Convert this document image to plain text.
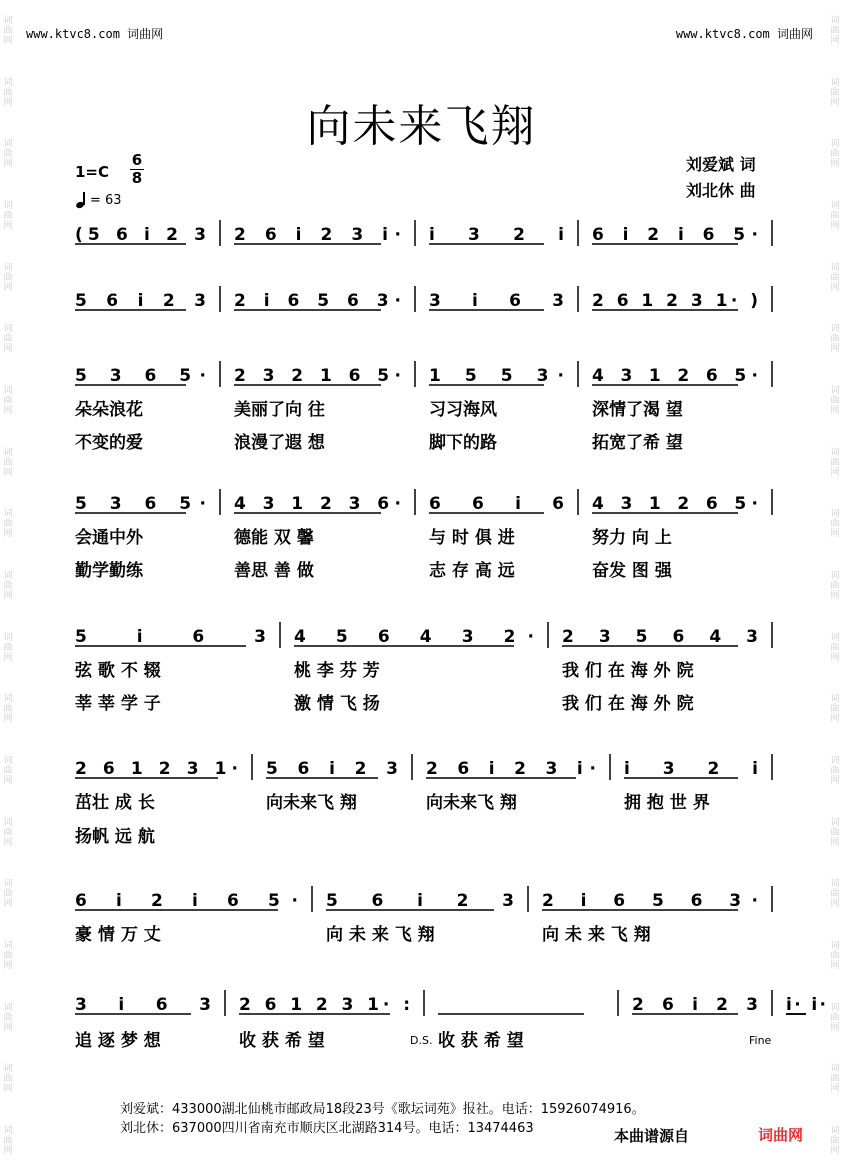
词
曲
网
词
曲
网
词
曲
网
词
曲
网
词
曲
网
词
曲
网
词
曲
网
词
曲
网
词
曲
网
词
曲
网
词
曲
网
词
曲
网
词
曲
网
词
曲
网
词
曲
网
词
曲
网
词
曲
网
词
曲
网
词
曲
网
词
曲
网
词
曲
网
词
曲
网
词
曲
网
词
曲
网
词
曲
网
词
曲
网
词
曲
网
词
曲
网
词
曲
网
词
曲
网
词
曲
网
词
曲
网
词
曲
网
词
曲
网
词
曲
网
词
曲
网
词
曲
网
词
曲
网
www.ktvc8.com 词曲网	www.ktvc8.com 词曲网
向未来飞翔
1=C
6
8
= 63
刘爱斌 词
刘北休 曲
(5 6 i 2 3 2 6 i 2 3 i· i 3 2 i 6 i 2 i 6 5·
5 6 i 2 3 2 i 6 5 6 3· 3 i 6 3 2 6 1 2 3 1· )
5 3 6 5· 2 3 2 1 6 5· 1 5 5 3· 4 3 1 2 6 5·
5 3 6 5· 4 3 1 2 3 6· 6 6 i 6 4 3 1 2 6 5·
5 i 6 3 4 5 6 4 3 2· 2 3 5 6 4 3
2 6 1 2 3 1· 5 6 i 2 3 2 6 i 2 3 i· i 3 2 i
6 i 2 i 6 5· 5 6 i 2 3 2 i 6 5 6 3·
3 i 6 3 2 6 1 2 3 1· :	2 6 i 2 3 i· i·
朵朵浪花	美丽了向 往	习习海风	深情了渴 望
不变的爱	浪漫了遐 想	脚下的路	拓宽了希 望
会通中外	德能 双 馨	与 时 俱 进	努力 向 上
勤学勤练	善思 善 做	志 存 高 远	奋发 图 强
弦 歌 不 辍	桃 李 芬 芳	我 们 在 海 外 院
莘 莘 学 子	激 情 飞 扬	我 们 在 海 外 院
茁壮 成 长	向未来飞 翔	向未来飞 翔	拥 抱 世 界
扬帆 远 航
豪 情 万 丈	向 未 来 飞 翔	向 未 来 飞 翔
追 逐 梦 想	收 获 希 望	收 获 希 望
D.S.	Fine
刘爱斌：433000湖北仙桃市邮政局18段23号《歌坛词苑》报社。电话：15926074916。
刘北休：637000四川省南充市顺庆区北湖路314号。电话：13474463	本曲谱源自	词曲网
